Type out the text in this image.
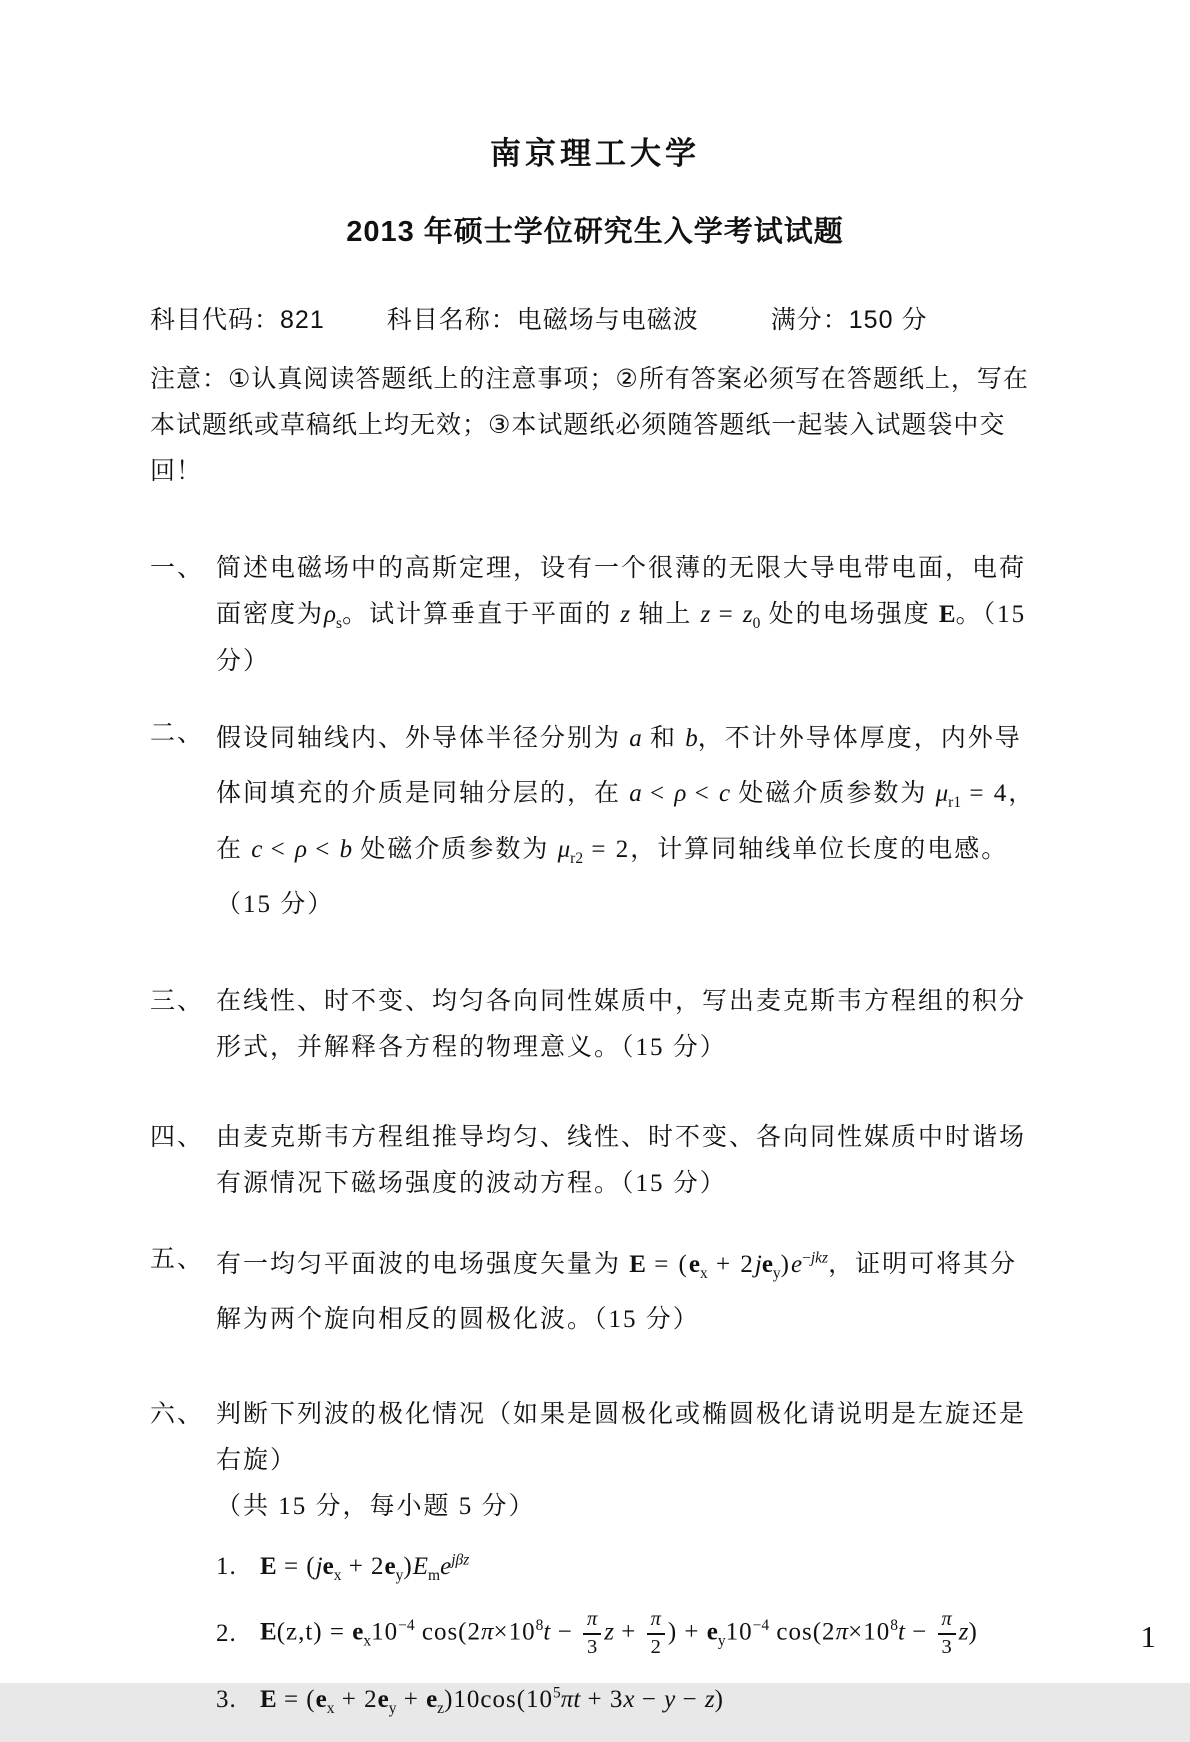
南京理工大学
2013 年硕士学位研究生入学考试试题
科目代码：821 科目名称：电磁场与电磁波	满分：150 分

注意：①认真阅读答题纸上的注意事项；②所有答案必须写在答题纸上，写在本试题纸或草稿纸上均无效；③本试题纸必须随答题纸一起装入试题袋中交回！

一、 简述电磁场中的高斯定理，设有一个很薄的无限大导电带电面，电荷面密度为$\rho_s$。试计算垂直于平面的 z 轴上 $z = z_0$ 处的电场强度 E。（15 分）
二、 假设同轴线内、外导体半径分别为 a 和 b，不计外导体厚度，内外导体间填充的介质是同轴分层的，在 a < ρ < c 处磁介质参数为 $\mu_{r1} = 4$， 在 c < ρ < b 处磁介质参数为 $\mu_{r2} = 2$，计算同轴线单位长度的电感。（15 分）
三、 在线性、时不变、均匀各向同性媒质中，写出麦克斯韦方程组的积分形式，并解释各方程的物理意义。（15 分）
四、 由麦克斯韦方程组推导均匀、线性、时不变、各向同性媒质中时谐场有源情况下磁场强度的波动方程。（15 分）
五、 有一均匀平面波的电场强度矢量为 $E = (e_x + 2je_y)e^{-jkz}$，证明可将其分解为两个旋向相反的圆极化波。（15 分）
六、 判断下列波的极化情况（如果是圆极化或椭圆极化请说明是左旋还是右旋）
（共 15 分，每小题 5 分）
1. $E = (je_x + 2e_y)E_me^{j\beta z}$
2. $E(z,t) = e_x10^{-4}$ $\cos(2\pi\times 10^8t - \frac{\pi}{3}$ $z + \frac{\pi}{2}$ ) + $e_y10^{-4}$ $\cos(2\pi\times 10^8t - \frac{\pi}{3} z)$
3. $E = (e_x + 2e_y + e_z)10\cos(10^5\pi t + 3x - y - z)$
1
